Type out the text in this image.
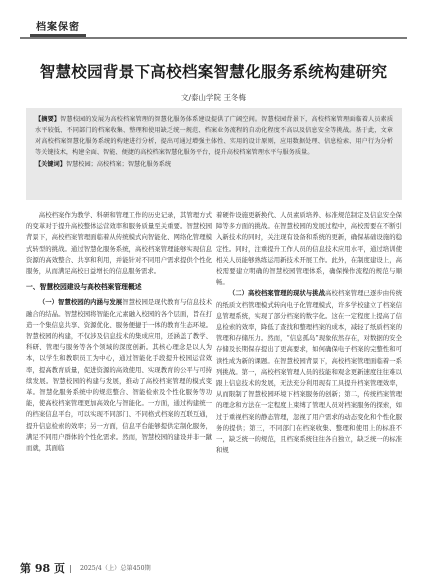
档案保密
智慧校园背景下高校档案智慧化服务系统构建研究
文/泰山学院 王冬梅

【摘要】智慧校园的发展为高校档案管理的智慧化服务体系建设提供了广阔空间。智慧校园背景下，高校档案管理面临着人员素质水平较低、不同部门的档案收集、整理和使用缺乏统一规范、档案业务流程的自动化程度不高以及信息安全等挑战。基于此，文章对高校档案智慧化服务系统的构建进行分析，提出可通过增强主体性、实用的设计原则，应用数据处理、信息检索、用户行为分析等关键技术，构建全面、智能、便捷的高校档案智慧化服务平台，提升高校档案管理水平与服务质量。

【关键词】智慧校园；高校档案；智慧化服务系统

高校档案作为教学、科研和管理工作的历史记录，其管理方式的变革对于提升高校整体运营效率和服务质量至关重要。智慧校园背景下，高校档案管理面临着从传统模式向智能化、网络化管理模式转型的挑战。通过智慧化服务系统，高校档案管理能够实现信息资源的高效整合、共享和利用，并能针对不同用户需求提供个性化服务，从而满足高校日益增长的信息服务需求。

一、智慧校园建设与高校档案管理概述

（一）智慧校园的内涵与发展智慧校园是现代教育与信息技术融合的结晶。智慧校园将智能化元素融入校园的各个层面，旨在打造一个集信息共享、资源优化、服务便捷于一体的教育生态环境。智慧校园的构建，不仅涉及信息技术的集成应用，还涵盖了教学、科研、管理与服务等各个领域的深度创新。其核心理念是以人为本，以学生和教职员工为中心，通过智能化手段提升校园运营效率，提高教育质量，促进资源的高效使用、实现教育的公平与可持续发展。智慧校园的构建与发展，推动了高校档案管理的模式变革。智慧化服务系统中的规范整合、智能检索及个性化服务等功能，使高校档案管理更加高效化与智能化。一方面，通过构建统一的档案信息平台，可以实现不同部门、不同格式档案的互联互通，提升信息检索的效率；另一方面，信息平台能够提供定制化服务，满足不同用户群体的个性化需求。然而，智慧校园的建设并非一蹴而就，其面临

着硬件设施更新换代、人员素质培养、标准规范制定及信息安全保障等多方面的挑战。在智慧校园的发展过程中，高校需要在不断引入新技术的同时，关注现有设备和系统的更新，确保基础设施的稳定性。同时，注重提升工作人员的信息技术应用水平，通过培训使相关人员能够熟练运用新技术开展工作。此外，在制度建设上，高校需要建立明确的智慧校园管理体系，确保操作流程的规范与顺畅。

（二）高校档案管理的现状与挑战高校档案管理已逐步由传统的纸质文档管理模式转向电子化管理模式，许多学校建立了档案信息管理系统，实现了部分档案的数字化。这在一定程度上提高了信息检索的效率，降低了查找和整理档案的成本，减轻了纸质档案的管理和存储压力。然而，“信息孤岛”现象依然存在，对数据的安全存储及长期保存提出了更高要求，如何确保电子档案的完整性和可读性成为新的课题。在智慧校园背景下，高校档案管理面临着一系列挑战。第一，高校档案管理人员的技能和观念更新速度往往难以跟上信息技术的发展，无法充分利用现有工具提升档案管理效率，从而限制了智慧校园环境下档案服务的创新；第二，传统档案管理的理念和方法在一定程度上束缚了管理人员对档案服务的探索，如过于重视档案的静态管理，忽视了用户需求的动态变化和个性化服务的提供；第三，不同部门在档案收集、整理和使用上的标准不一，缺乏统一的规范，且档案系统往往各自独立，缺乏统一的标准和规

第 98 页 2025/4（上）总第450期
